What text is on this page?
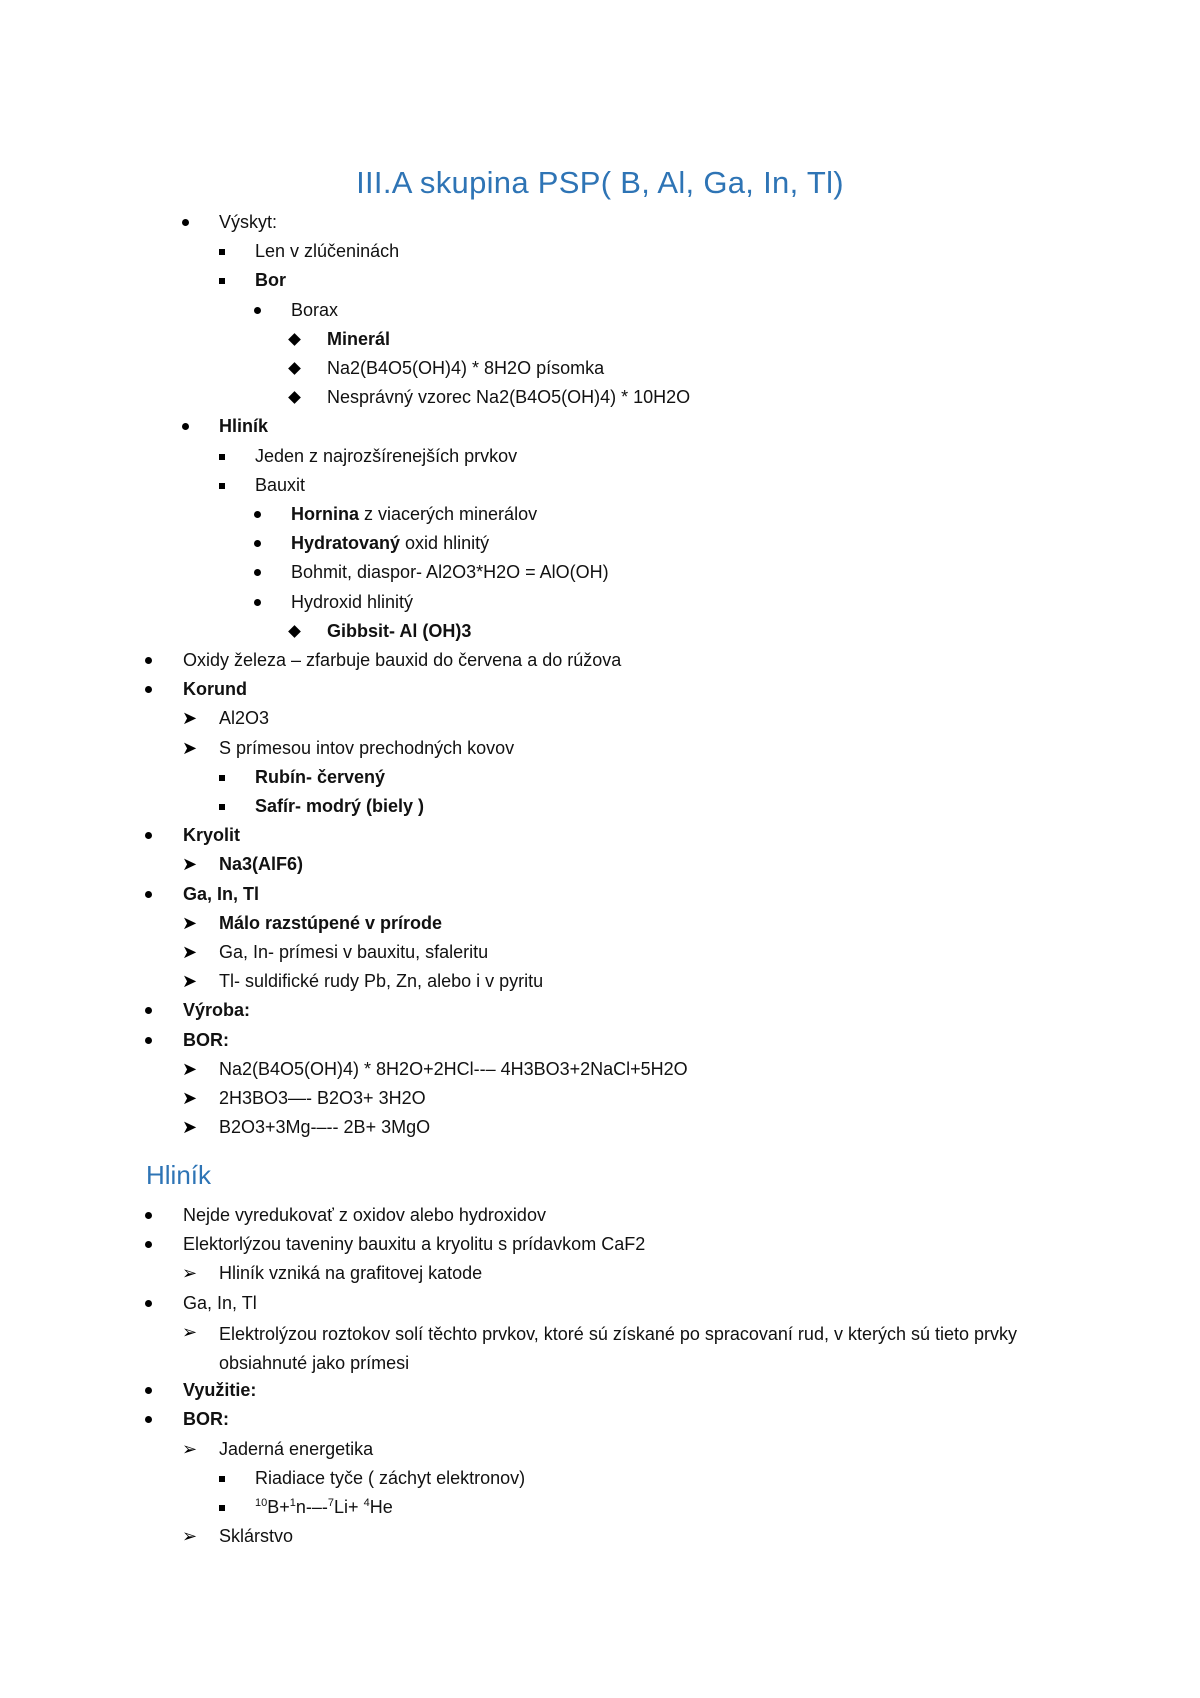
III.A skupina PSP( B, Al, Ga, In, Tl)
Výskyt:
Len v zlúčeninách
Bor
Borax
Minerál
Na2(B4O5(OH)4) * 8H2O písomka
Nesprávný vzorec Na2(B4O5(OH)4) * 10H2O
Hliník
Jeden z najrozšírenejších prvkov
Bauxit
Hornina z viacerých minerálov
Hydratovaný oxid hlinitý
Bohmit, diaspor- Al2O3*H2O = AlO(OH)
Hydroxid hlinitý
Gibbsit- Al (OH)3
Oxidy železa – zfarbuje bauxid do červena a do rúžova
Korund
➤ Al2O3
➤ S prímesou intov prechodných kovov
Rubín- červený
Safír- modrý (biely )
Kryolit
➤ Na3(AlF6)
Ga, In, Tl
➤ Málo razstúpené v prírode
➤ Ga, In- prímesi v bauxitu, sfaleritu
➤ Tl- suldifické rudy Pb, Zn, alebo i v pyritu
Výroba:
BOR:
➤ Na2(B4O5(OH)4) * 8H2O+2HCl--– 4H3BO3+2NaCl+5H2O
➤ 2H3BO3—- B2O3+ 3H2O
➤ B2O3+3Mg-–-- 2B+ 3MgO
Hliník
Nejde vyredukovať z oxidov alebo hydroxidov
Elektorlýzou taveniny bauxitu a kryolitu s prídavkom CaF2
➢ Hliník vzniká na grafitovej katode
Ga, In, Tl
➢ Elektrolýzou roztokov solí těchto prvkov, ktoré sú získané po spracovaní rud, v kterých sú tieto prvky obsiahnuté jako prímesi
Využitie:
BOR:
➢ Jaderná energetika
Riadiace tyče ( záchyt elektronov)
$^{10}$B+$^1$n-–-$^7$Li+ $^4$He
➢ Sklárstvo
